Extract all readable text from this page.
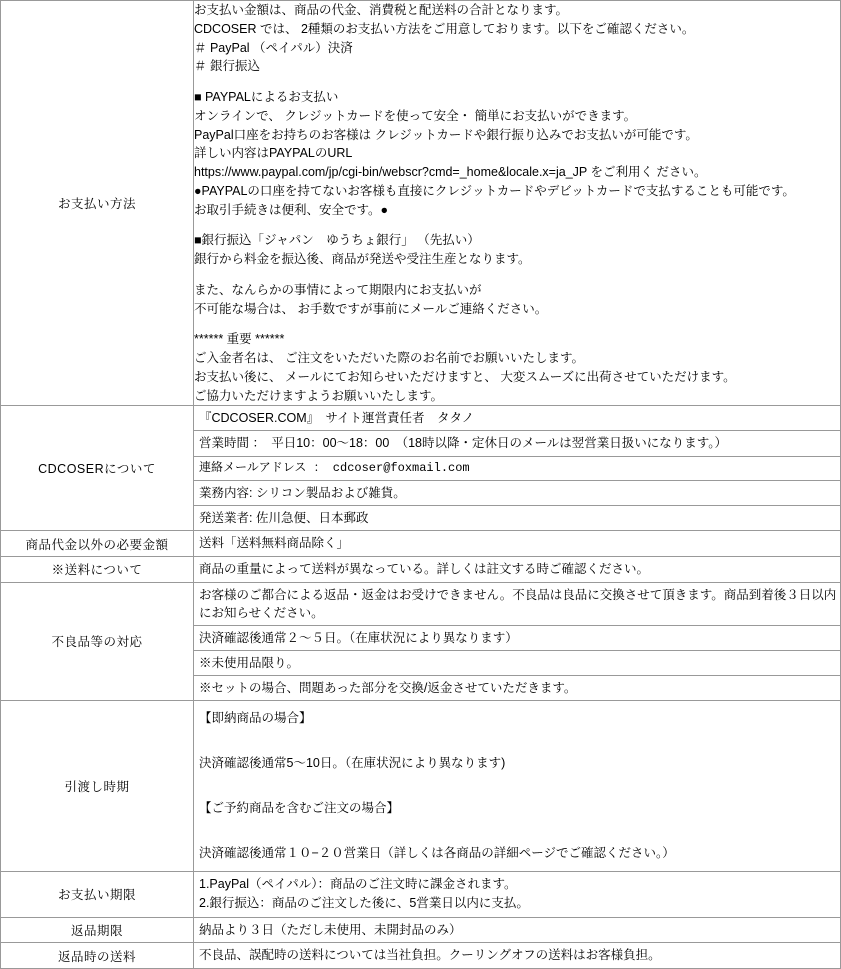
お支払い方法	
お支払い金額は、商品の代金、消費税と配送料の合計となります。
CDCOSER では、 2種類のお支払い方法をご用意しております。以下をご確認ください。
＃ PayPal （ペイパル）決済
＃ 銀行振込
■ PAYPALによるお支払い
オンラインで、 クレジットカードを使って安全・ 簡単にお支払いができます。
PayPal口座をお持ちのお客様は クレジットカードや銀行振り込みでお支払いが可能です。
詳しい内容はPAYPALのURL
https://www.paypal.com/jp/cgi-bin/webscr?cmd=_home&locale.x=ja_JP をご利用く ださい。
●PAYPALの口座を持てないお客様も直接にクレジットカードやデビットカードで支払することも可能です。
お取引手続きは便利、安全です。●
■銀行振込「ジャパン　ゆうちょ銀行」 （先払い）
銀行から料金を振込後、商品が発送や受注生産となります。
また、なんらかの事情によって期限内にお支払いが
不可能な場合は、 お手数ですが事前にメールご連絡ください。
****** 重要 ******
ご入金者名は、 ご注文をいただいた際のお名前でお願いいたします。
お支払い後に、 メールにてお知らせいただけますと、 大変スムーズに出荷させていただけます。
ご協力いただけますようお願いいたします。

CDCOSERについて	『CDCOSER.COM』　サイト運営責任者　タタノ
営業時間 ：　平日10：00〜18：00　（18時以降・定休日のメールは翌営業日扱いになります。）
連絡メールアドレス ： cdcoser@foxmail.com
業務内容: シリコン製品および雑貨。
発送業者: 佐川急便、日本郵政

商品代金以外の必要金額	送料「送料無料商品除く」

※送料について	商品の重量によって送料が異なっている。詳しくは註文する時ご確認ください。

不良品等の対応	お客様のご都合による返品・返金はお受けできません。不良品は良品に交換させて頂きます。商品到着後３日以内にお知らせください。
決済確認後通常２〜５日。（在庫状況により異なります）
※未使用品限り。
※セットの場合、問題あった部分を交換/返金させていただきます。

引渡し時期	【即納商品の場合】

決済確認後通常5〜10日。（在庫状況により異なります)

【ご予約商品を含むご注文の場合】

決済確認後通常１０−２０営業日（詳しくは各商品の詳細ページでご確認ください。）

お支払い期限	1.PayPal（ペイパル）：商品のご注文時に課金されます。
2.銀行振込：商品のご注文した後に、5営業日以内に支払。

返品期限	納品より３日（ただし未使用、未開封品のみ）

返品時の送料	不良品、誤配時の送料については当社負担。クーリングオフの送料はお客様負担。
